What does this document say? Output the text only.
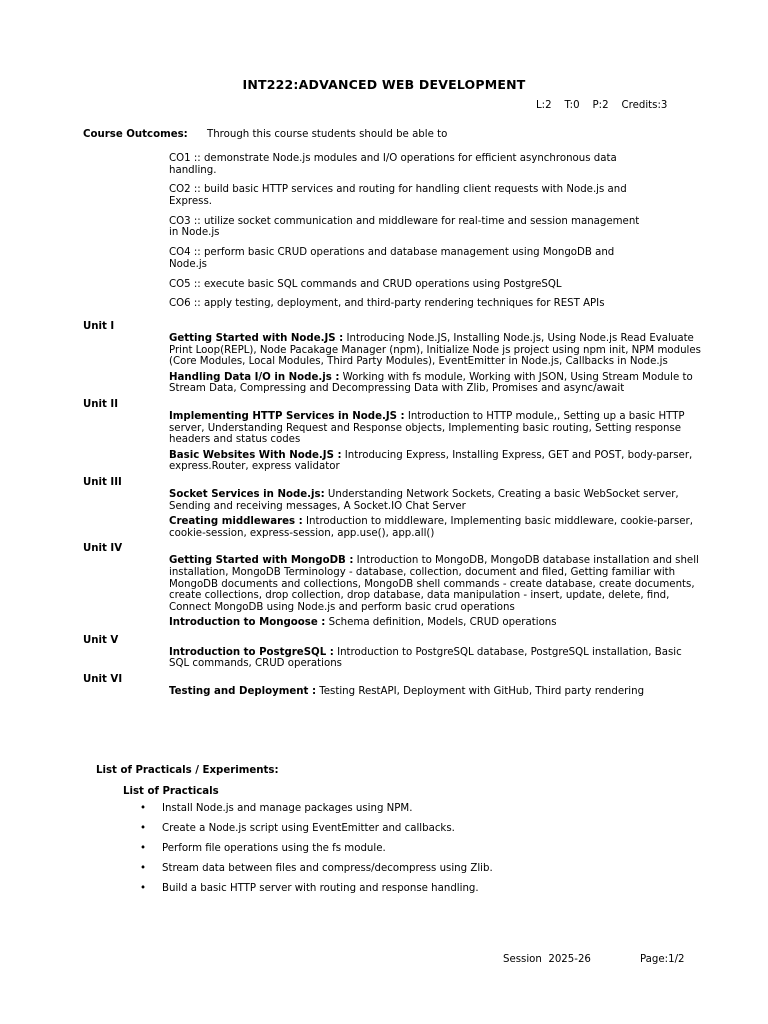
INT222:ADVANCED WEB DEVELOPMENT
L:2    T:0    P:2    Credits:3
Course Outcomes: Through this course students should be able to
CO1 :: demonstrate Node.js modules and I/O operations for efficient asynchronous data handling.
CO2 :: build basic HTTP services and routing for handling client requests with Node.js and Express.
CO3 :: utilize socket communication and middleware for real-time and session management in Node.js
CO4 :: perform basic CRUD operations and database management using MongoDB and Node.js
CO5 :: execute basic SQL commands and CRUD operations using PostgreSQL
CO6 :: apply testing, deployment, and third-party rendering techniques for REST APIs
Unit I
Getting Started with Node.JS : Introducing Node.JS, Installing Node.js, Using Node.js Read Evaluate Print Loop(REPL), Node Pacakage Manager (npm), Initialize Node js project using npm init, NPM modules (Core Modules, Local Modules, Third Party Modules), EventEmitter in Node.js, Callbacks in Node.js
Handling Data I/O in Node.js : Working with fs module, Working with JSON, Using Stream Module to Stream Data, Compressing and Decompressing Data with Zlib, Promises and async/await
Unit II
Implementing HTTP Services in Node.JS : Introduction to HTTP module,, Setting up a basic HTTP server, Understanding Request and Response objects, Implementing basic routing, Setting response headers and status codes
Basic Websites With Node.JS : Introducing Express, Installing Express, GET and POST, body-parser, express.Router, express validator
Unit III
Socket Services in Node.js: Understanding Network Sockets, Creating a basic WebSocket server, Sending and receiving messages, A Socket.IO Chat Server
Creating middlewares : Introduction to middleware, Implementing basic middleware, cookie-parser, cookie-session, express-session, app.use(), app.all()
Unit IV
Getting Started with MongoDB : Introduction to MongoDB, MongoDB database installation and shell installation, MongoDB Terminology - database, collection, document and filed, Getting familiar with MongoDB documents and collections, MongoDB shell commands - create database, create documents, create collections, drop collection, drop database, data manipulation - insert, update, delete, find, Connect MongoDB using Node.js and perform basic crud operations
Introduction to Mongoose : Schema definition, Models, CRUD operations
Unit V
Introduction to PostgreSQL : Introduction to PostgreSQL database, PostgreSQL installation, Basic SQL commands, CRUD operations
Unit VI
Testing and Deployment : Testing RestAPI, Deployment with GitHub, Third party rendering
List of Practicals / Experiments:
List of Practicals
• Install Node.js and manage packages using NPM.
• Create a Node.js script using EventEmitter and callbacks.
• Perform file operations using the fs module.
• Stream data between files and compress/decompress using Zlib.
• Build a basic HTTP server with routing and response handling.
Session  2025-26	Page:1/2
